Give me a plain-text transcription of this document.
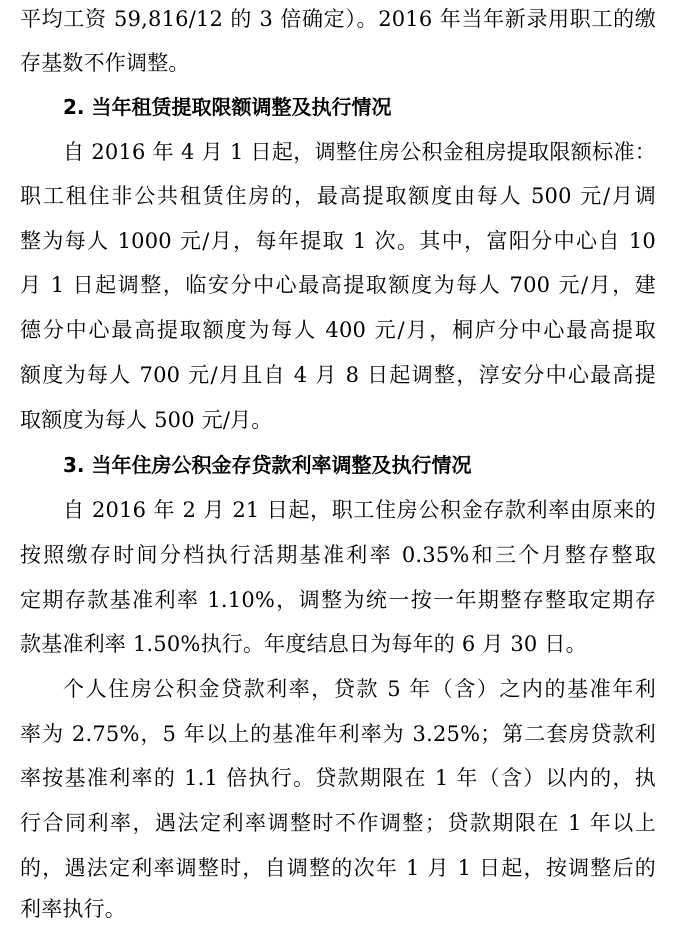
平均工资 59,816/12 的 3 倍确定）。2016 年当年新录用职工的缴
存基数不作调整。
2. 当年租赁提取限额调整及执行情况
自 2016 年 4 月 1 日起，调整住房公积金租房提取限额标准：
职工租住非公共租赁住房的，最高提取额度由每人 500 元/月调
整为每人 1000 元/月，每年提取 1 次。其中，富阳分中心自 10
月 1 日起调整，临安分中心最高提取额度为每人 700 元/月，建
德分中心最高提取额度为每人 400 元/月，桐庐分中心最高提取
额度为每人 700 元/月且自 4 月 8 日起调整，淳安分中心最高提
取额度为每人 500 元/月。
3. 当年住房公积金存贷款利率调整及执行情况
自 2016 年 2 月 21 日起，职工住房公积金存款利率由原来的
按照缴存时间分档执行活期基准利率 0.35%和三个月整存整取
定期存款基准利率 1.10%，调整为统一按一年期整存整取定期存
款基准利率 1.50%执行。年度结息日为每年的 6 月 30 日。
个人住房公积金贷款利率，贷款 5 年（含）之内的基准年利
率为 2.75%，5 年以上的基准年利率为 3.25%；第二套房贷款利
率按基准利率的 1.1 倍执行。贷款期限在 1 年（含）以内的，执
行合同利率，遇法定利率调整时不作调整；贷款期限在 1 年以上
的，遇法定利率调整时，自调整的次年 1 月 1 日起，按调整后的
利率执行。
